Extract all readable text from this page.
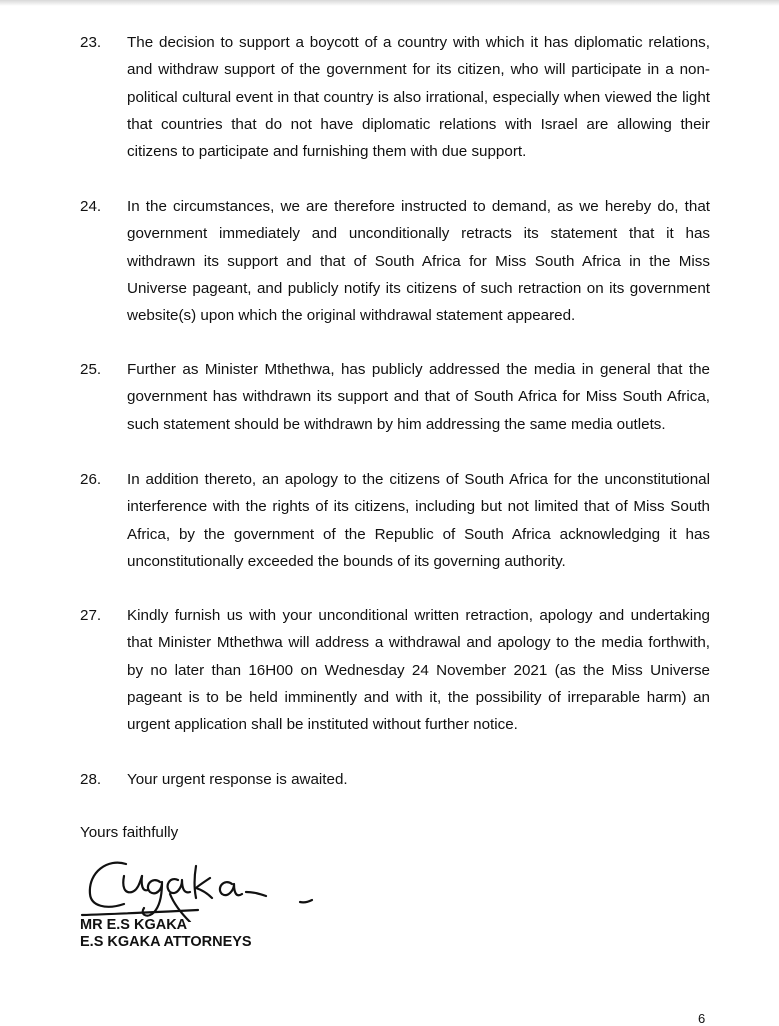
23. The decision to support a boycott of a country with which it has diplomatic relations, and withdraw support of the government for its citizen, who will participate in a non-political cultural event in that country is also irrational, especially when viewed the light that countries that do not have diplomatic relations with Israel are allowing their citizens to participate and furnishing them with due support.
24. In the circumstances, we are therefore instructed to demand, as we hereby do, that government immediately and unconditionally retracts its statement that it has withdrawn its support and that of South Africa for Miss South Africa in the Miss Universe pageant, and publicly notify its citizens of such retraction on its government website(s) upon which the original withdrawal statement appeared.
25. Further as Minister Mthethwa, has publicly addressed the media in general that the government has withdrawn its support and that of South Africa for Miss South Africa, such statement should be withdrawn by him addressing the same media outlets.
26. In addition thereto, an apology to the citizens of South Africa for the unconstitutional interference with the rights of its citizens, including but not limited that of Miss South Africa, by the government of the Republic of South Africa acknowledging it has unconstitutionally exceeded the bounds of its governing authority.
27. Kindly furnish us with your unconditional written retraction, apology and undertaking that Minister Mthethwa will address a withdrawal and apology to the media forthwith, by no later than 16H00 on Wednesday 24 November 2021 (as the Miss Universe pageant is to be held imminently and with it, the possibility of irreparable harm) an urgent application shall be instituted without further notice.
28. Your urgent response is awaited.
Yours faithfully
MR E.S KGAKA
E.S KGAKA ATTORNEYS
6
